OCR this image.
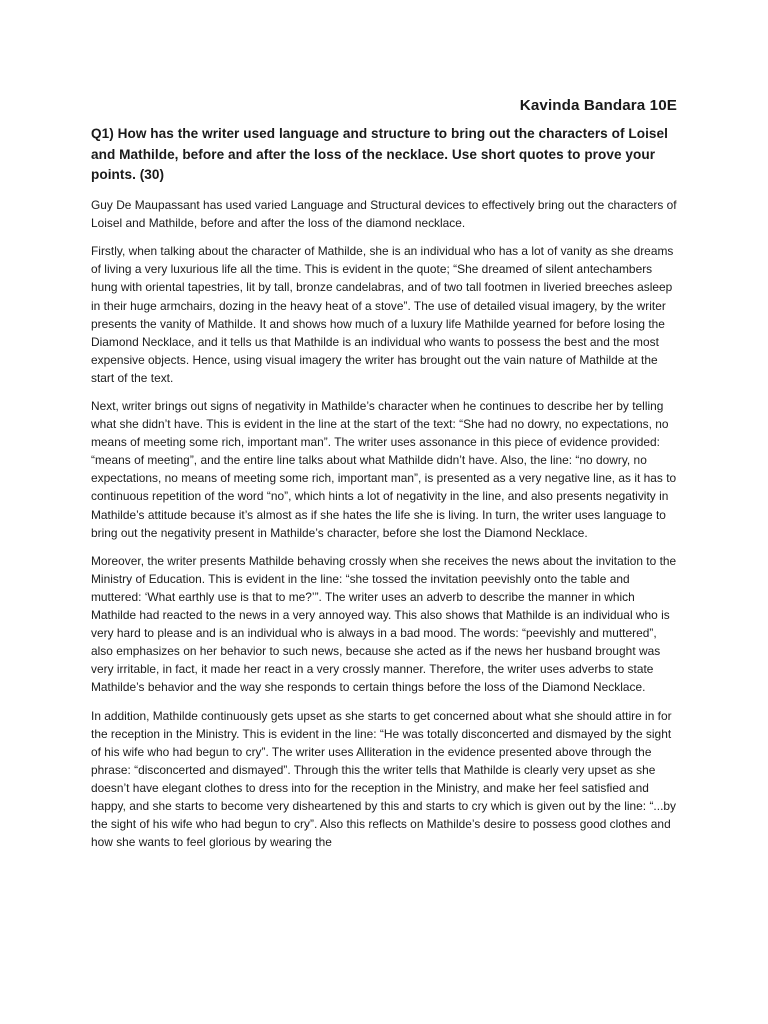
Kavinda Bandara 10E
Q1) How has the writer used language and structure to bring out the characters of Loisel and Mathilde, before and after the loss of the necklace. Use short quotes to prove your points. (30)

Guy De Maupassant has used varied Language and Structural devices to effectively bring out the characters of Loisel and Mathilde, before and after the loss of the diamond necklace.

Firstly, when talking about the character of Mathilde, she is an individual who has a lot of vanity as she dreams of living a very luxurious life all the time. This is evident in the quote; “She dreamed of silent antechambers hung with oriental tapestries, lit by tall, bronze candelabras, and of two tall footmen in liveried breeches asleep in their huge armchairs, dozing in the heavy heat of a stove”. The use of detailed visual imagery, by the writer presents the vanity of Mathilde. It and shows how much of a luxury life Mathilde yearned for before losing the Diamond Necklace, and it tells us that Mathilde is an individual who wants to possess the best and the most expensive objects. Hence, using visual imagery the writer has brought out the vain nature of Mathilde at the start of the text.

Next, writer brings out signs of negativity in Mathilde’s character when he continues to describe her by telling what she didn’t have. This is evident in the line at the start of the text: “She had no dowry, no expectations, no means of meeting some rich, important man”. The writer uses assonance in this piece of evidence provided: “means of meeting”, and the entire line talks about what Mathilde didn’t have. Also, the line: “no dowry, no expectations, no means of meeting some rich, important man”, is presented as a very negative line, as it has to continuous repetition of the word “no”, which hints a lot of negativity in the line, and also presents negativity in Mathilde’s attitude because it’s almost as if she hates the life she is living. In turn, the writer uses language to bring out the negativity present in Mathilde’s character, before she lost the Diamond Necklace.

Moreover, the writer presents Mathilde behaving crossly when she receives the news about the invitation to the Ministry of Education. This is evident in the line: “she tossed the invitation peevishly onto the table and muttered: ‘What earthly use is that to me?’”. The writer uses an adverb to describe the manner in which Mathilde had reacted to the news in a very annoyed way. This also shows that Mathilde is an individual who is very hard to please and is an individual who is always in a bad mood. The words: “peevishly and muttered”, also emphasizes on her behavior to such news, because she acted as if the news her husband brought was very irritable, in fact, it made her react in a very crossly manner. Therefore, the writer uses adverbs to state Mathilde’s behavior and the way she responds to certain things before the loss of the Diamond Necklace.

In addition, Mathilde continuously gets upset as she starts to get concerned about what she should attire in for the reception in the Ministry. This is evident in the line: “He was totally disconcerted and dismayed by the sight of his wife who had begun to cry”. The writer uses Alliteration in the evidence presented above through the phrase: “disconcerted and dismayed”. Through this the writer tells that Mathilde is clearly very upset as she doesn’t have elegant clothes to dress into for the reception in the Ministry, and make her feel satisfied and happy, and she starts to become very disheartened by this and starts to cry which is given out by the line: “...by the sight of his wife who had begun to cry”. Also this reflects on Mathilde’s desire to possess good clothes and how she wants to feel glorious by wearing the
